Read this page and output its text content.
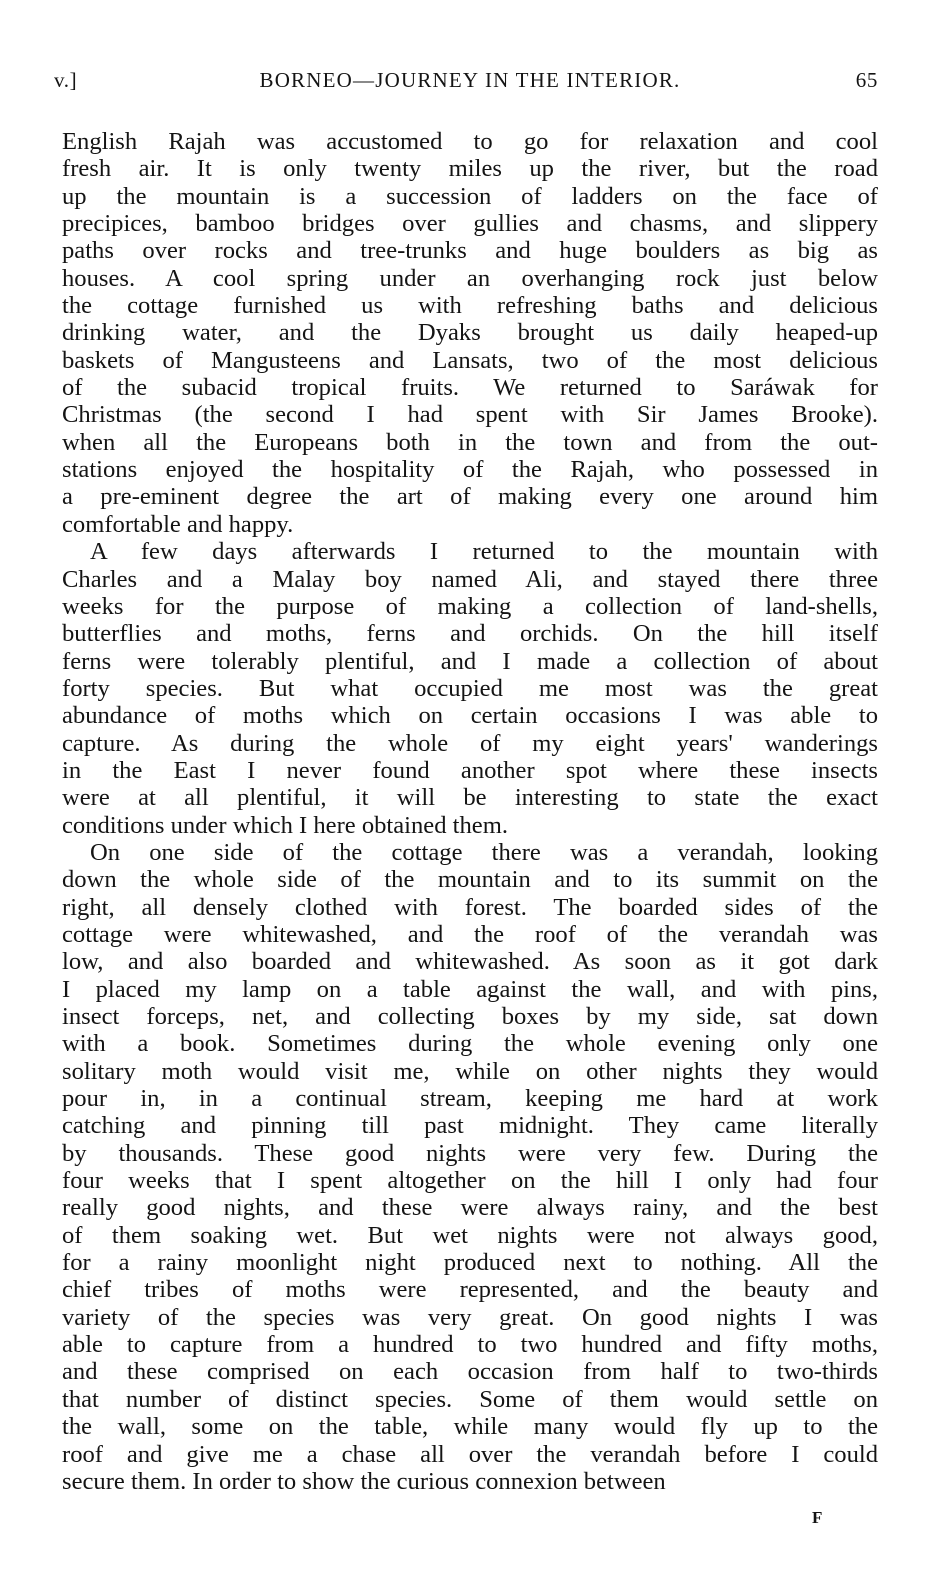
v.]	BORNEO—JOURNEY IN THE INTERIOR.	65
English Rajah was accustomed to go for relaxation and cool
fresh air. It is only twenty miles up the river, but the road
up the mountain is a succession of ladders on the face of
precipices, bamboo bridges over gullies and chasms, and slippery
paths over rocks and tree-trunks and huge boulders as big as
houses. A cool spring under an overhanging rock just below
the cottage furnished us with refreshing baths and delicious
drinking water, and the Dyaks brought us daily heaped-up
baskets of Mangusteens and Lansats, two of the most delicious
of the subacid tropical fruits. We returned to Saráwak for
Christmas (the second I had spent with Sir James Brooke).
when all the Europeans both in the town and from the out-
stations enjoyed the hospitality of the Rajah, who possessed in
a pre-eminent degree the art of making every one around him
comfortable and happy.
A few days afterwards I returned to the mountain with
Charles and a Malay boy named Ali, and stayed there three
weeks for the purpose of making a collection of land-shells,
butterflies and moths, ferns and orchids. On the hill itself
ferns were tolerably plentiful, and I made a collection of about
forty species. But what occupied me most was the great
abundance of moths which on certain occasions I was able to
capture. As during the whole of my eight years' wanderings
in the East I never found another spot where these insects
were at all plentiful, it will be interesting to state the exact
conditions under which I here obtained them.
On one side of the cottage there was a verandah, looking
down the whole side of the mountain and to its summit on the
right, all densely clothed with forest. The boarded sides of the
cottage were whitewashed, and the roof of the verandah was
low, and also boarded and whitewashed. As soon as it got dark
I placed my lamp on a table against the wall, and with pins,
insect forceps, net, and collecting boxes by my side, sat down
with a book. Sometimes during the whole evening only one
solitary moth would visit me, while on other nights they would
pour in, in a continual stream, keeping me hard at work
catching and pinning till past midnight. They came literally
by thousands. These good nights were very few. During the
four weeks that I spent altogether on the hill I only had four
really good nights, and these were always rainy, and the best
of them soaking wet. But wet nights were not always good,
for a rainy moonlight night produced next to nothing. All the
chief tribes of moths were represented, and the beauty and
variety of the species was very great. On good nights I was
able to capture from a hundred to two hundred and fifty moths,
and these comprised on each occasion from half to two-thirds
that number of distinct species. Some of them would settle on
the wall, some on the table, while many would fly up to the
roof and give me a chase all over the verandah before I could
secure them. In order to show the curious connexion between
F
